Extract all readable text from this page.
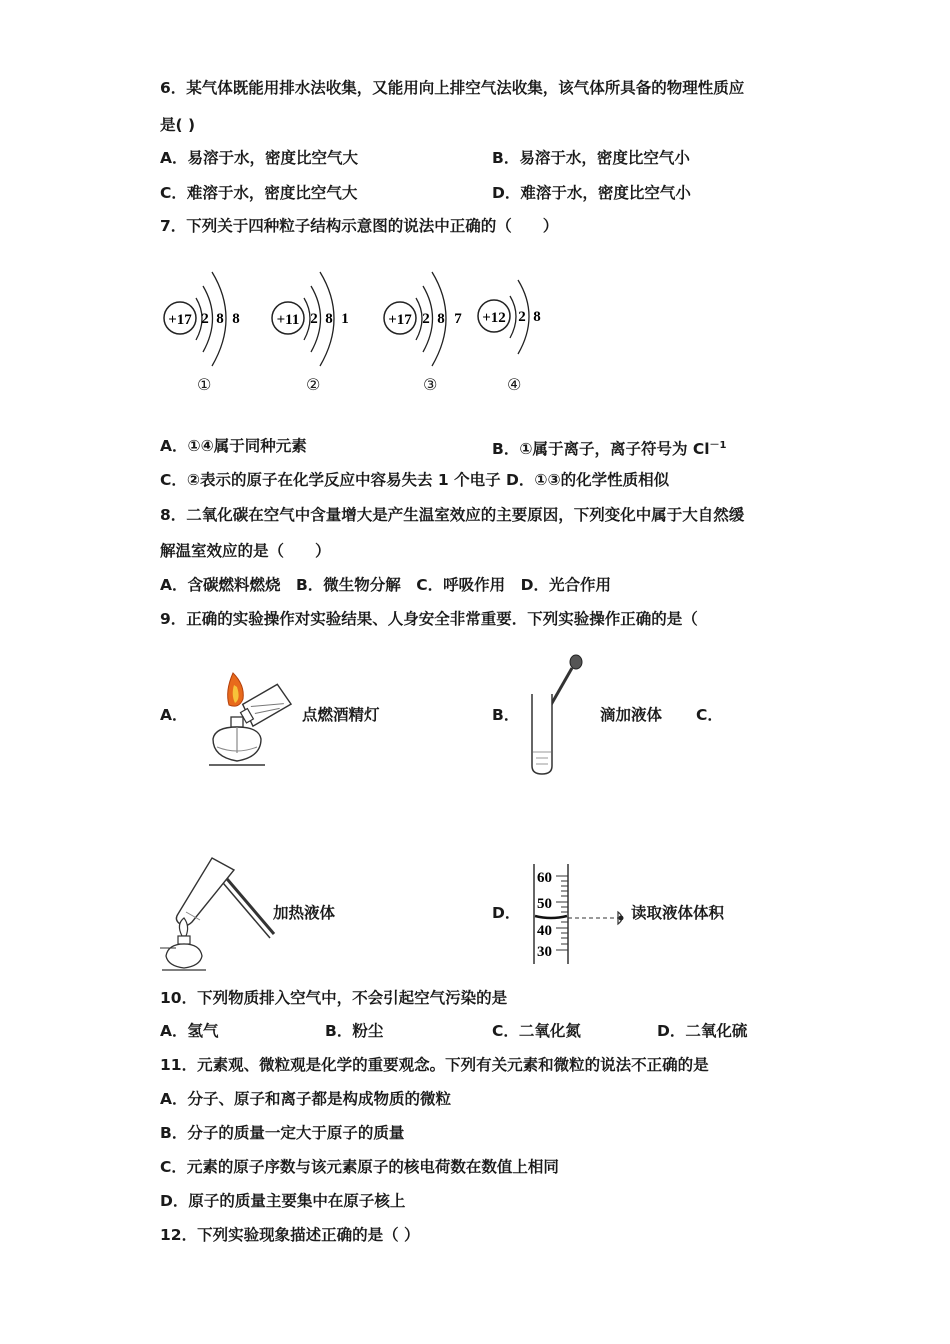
6．某气体既能用排水法收集，又能用向上排空气法收集，该气体所具备的物理性质应
是( )
A．易溶于水，密度比空气大	B．易溶于水，密度比空气小
C．难溶于水，密度比空气大	D．难溶于水，密度比空气小
7．下列关于四种粒子结构示意图的说法中正确的（　　）
+17 2 8 8 +11 2 8 1	+17 2 8 7 +12 2 8
①	②	③	④
A．①④属于同种元素	B．①属于离子，离子符号为 $Cl^{-1}$
C．②表示的原子在化学反应中容易失去 1 个电子 D．①③的化学性质相似
8．二氧化碳在空气中含量增大是产生温室效应的主要原因，下列变化中属于大自然缓
解温室效应的是（　　）
A．含碳燃料燃烧　B．微生物分解　C．呼吸作用　D．光合作用
9．正确的实验操作对实验结果、人身安全非常重要．下列实验操作正确的是（
A．	点燃酒精灯	B．	滴加液体 C．
加热液体	D．
60
50
40
30
读取液体体积
10．下列物质排入空气中，不会引起空气污染的是
A．氢气	B．粉尘	C．二氧化氮	D．二氧化硫
11．元素观、微粒观是化学的重要观念。下列有关元素和微粒的说法不正确的是
A．分子、原子和离子都是构成物质的微粒
B．分子的质量一定大于原子的质量
C．元素的原子序数与该元素原子的核电荷数在数值上相同
D．原子的质量主要集中在原子核上
12．下列实验现象描述正确的是（ ）
